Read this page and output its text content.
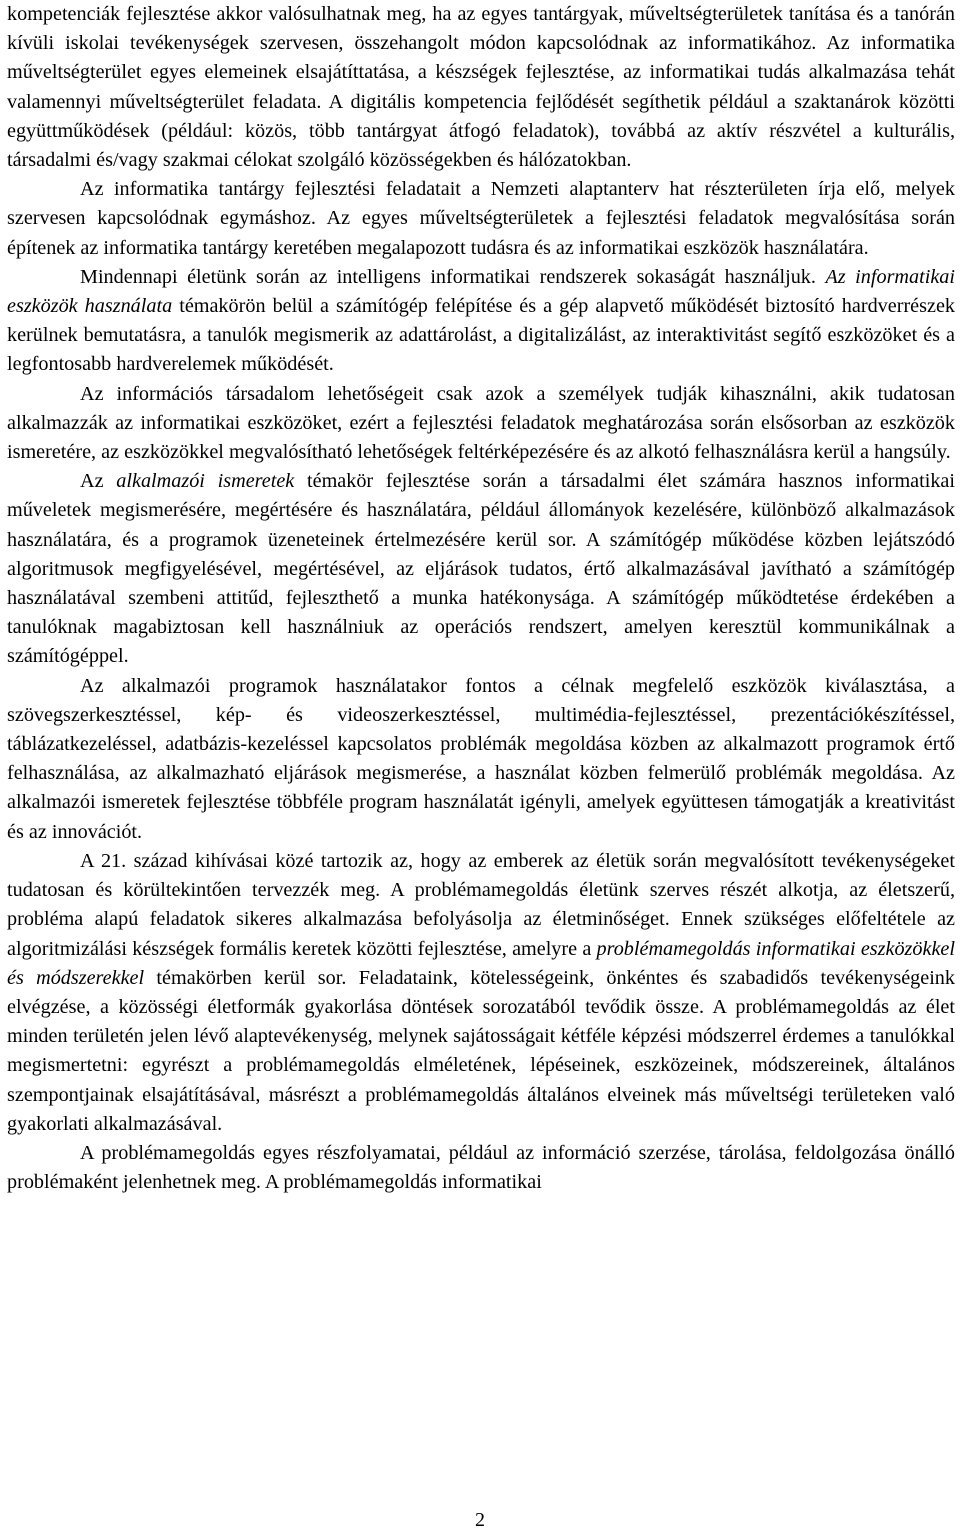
kompetenciák fejlesztése akkor valósulhatnak meg, ha az egyes tantárgyak, műveltségterületek tanítása és a tanórán kívüli iskolai tevékenységek szervesen, összehangolt módon kapcsolódnak az informatikához. Az informatika műveltségterület egyes elemeinek elsajátíttatása, a készségek fejlesztése, az informatikai tudás alkalmazása tehát valamennyi műveltségterület feladata. A digitális kompetencia fejlődését segíthetik például a szaktanárok közötti együttműködések (például: közös, több tantárgyat átfogó feladatok), továbbá az aktív részvétel a kulturális, társadalmi és/vagy szakmai célokat szolgáló közösségekben és hálózatokban.

Az informatika tantárgy fejlesztési feladatait a Nemzeti alaptanterv hat részterületen írja elő, melyek szervesen kapcsolódnak egymáshoz. Az egyes műveltségterületek a fejlesztési feladatok megvalósítása során építenek az informatika tantárgy keretében megalapozott tudásra és az informatikai eszközök használatára.

Mindennapi életünk során az intelligens informatikai rendszerek sokaságát használjuk. Az informatikai eszközök használata témakörön belül a számítógép felépítése és a gép alapvető működését biztosító hardverrészek kerülnek bemutatásra, a tanulók megismerik az adattárolást, a digitalizálást, az interaktivitást segítő eszközöket és a legfontosabb hardverelemek működését.

Az információs társadalom lehetőségeit csak azok a személyek tudják kihasználni, akik tudatosan alkalmazzák az informatikai eszközöket, ezért a fejlesztési feladatok meghatározása során elsősorban az eszközök ismeretére, az eszközökkel megvalósítható lehetőségek feltérképezésére és az alkotó felhasználásra kerül a hangsúly.

Az alkalmazói ismeretek témakör fejlesztése során a társadalmi élet számára hasznos informatikai műveletek megismerésére, megértésére és használatára, például állományok kezelésére, különböző alkalmazások használatára, és a programok üzeneteinek értelmezésére kerül sor. A számítógép működése közben lejátszódó algoritmusok megfigyelésével, megértésével, az eljárások tudatos, értő alkalmazásával javítható a számítógép használatával szembeni attitűd, fejleszthető a munka hatékonysága. A számítógép működtetése érdekében a tanulóknak magabiztosan kell használniuk az operációs rendszert, amelyen keresztül kommunikálnak a számítógéppel.

Az alkalmazói programok használatakor fontos a célnak megfelelő eszközök kiválasztása, a szövegszerkesztéssel, kép- és videoszerkesztéssel, multimédia-fejlesztéssel, prezentációkészítéssel, táblázatkezeléssel, adatbázis-kezeléssel kapcsolatos problémák megoldása közben az alkalmazott programok értő felhasználása, az alkalmazható eljárások megismerése, a használat közben felmerülő problémák megoldása. Az alkalmazói ismeretek fejlesztése többféle program használatát igényli, amelyek együttesen támogatják a kreativitást és az innovációt.

A 21. század kihívásai közé tartozik az, hogy az emberek az életük során megvalósított tevékenységeket tudatosan és körültekintően tervezzék meg. A problémamegoldás életünk szerves részét alkotja, az életszerű, probléma alapú feladatok sikeres alkalmazása befolyásolja az életminőséget. Ennek szükséges előfeltétele az algoritmizálási készségek formális keretek közötti fejlesztése, amelyre a problémamegoldás informatikai eszközökkel és módszerekkel témakörben kerül sor. Feladataink, kötelességeink, önkéntes és szabadidős tevékenységeink elvégzése, a közösségi életformák gyakorlása döntések sorozatából tevődik össze. A problémamegoldás az élet minden területén jelen lévő alaptevékenység, melynek sajátosságait kétféle képzési módszerrel érdemes a tanulókkal megismertetni: egyrészt a problémamegoldás elméletének, lépéseinek, eszközeinek, módszereinek, általános szempontjainak elsajátításával, másrészt a problémamegoldás általános elveinek más műveltségi területeken való gyakorlati alkalmazásával.

A problémamegoldás egyes részfolyamatai, például az információ szerzése, tárolása, feldolgozása önálló problémaként jelenhetnek meg. A problémamegoldás informatikai

2
